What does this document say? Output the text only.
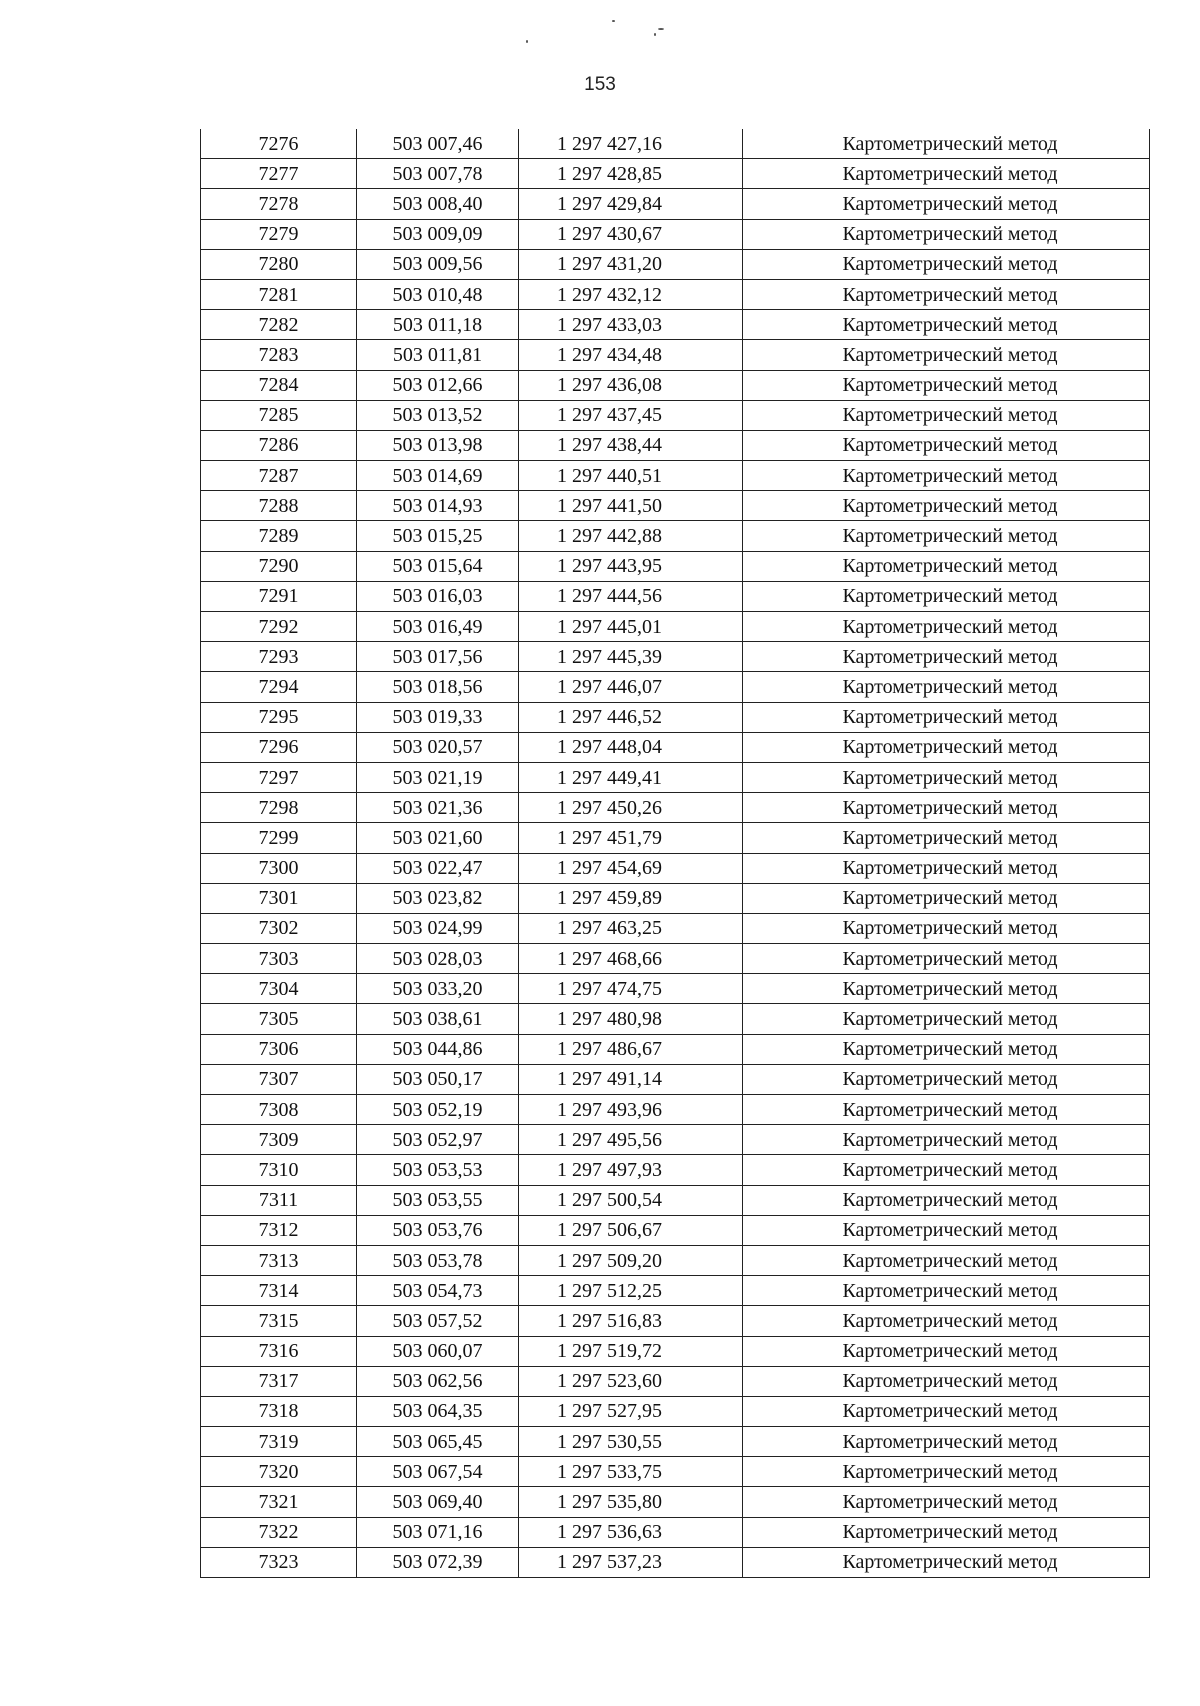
153
7276	503 007,46	1 297 427,16	Картометрический метод
7277	503 007,78	1 297 428,85	Картометрический метод
7278	503 008,40	1 297 429,84	Картометрический метод
7279	503 009,09	1 297 430,67	Картометрический метод
7280	503 009,56	1 297 431,20	Картометрический метод
7281	503 010,48	1 297 432,12	Картометрический метод
7282	503 011,18	1 297 433,03	Картометрический метод
7283	503 011,81	1 297 434,48	Картометрический метод
7284	503 012,66	1 297 436,08	Картометрический метод
7285	503 013,52	1 297 437,45	Картометрический метод
7286	503 013,98	1 297 438,44	Картометрический метод
7287	503 014,69	1 297 440,51	Картометрический метод
7288	503 014,93	1 297 441,50	Картометрический метод
7289	503 015,25	1 297 442,88	Картометрический метод
7290	503 015,64	1 297 443,95	Картометрический метод
7291	503 016,03	1 297 444,56	Картометрический метод
7292	503 016,49	1 297 445,01	Картометрический метод
7293	503 017,56	1 297 445,39	Картометрический метод
7294	503 018,56	1 297 446,07	Картометрический метод
7295	503 019,33	1 297 446,52	Картометрический метод
7296	503 020,57	1 297 448,04	Картометрический метод
7297	503 021,19	1 297 449,41	Картометрический метод
7298	503 021,36	1 297 450,26	Картометрический метод
7299	503 021,60	1 297 451,79	Картометрический метод
7300	503 022,47	1 297 454,69	Картометрический метод
7301	503 023,82	1 297 459,89	Картометрический метод
7302	503 024,99	1 297 463,25	Картометрический метод
7303	503 028,03	1 297 468,66	Картометрический метод
7304	503 033,20	1 297 474,75	Картометрический метод
7305	503 038,61	1 297 480,98	Картометрический метод
7306	503 044,86	1 297 486,67	Картометрический метод
7307	503 050,17	1 297 491,14	Картометрический метод
7308	503 052,19	1 297 493,96	Картометрический метод
7309	503 052,97	1 297 495,56	Картометрический метод
7310	503 053,53	1 297 497,93	Картометрический метод
7311	503 053,55	1 297 500,54	Картометрический метод
7312	503 053,76	1 297 506,67	Картометрический метод
7313	503 053,78	1 297 509,20	Картометрический метод
7314	503 054,73	1 297 512,25	Картометрический метод
7315	503 057,52	1 297 516,83	Картометрический метод
7316	503 060,07	1 297 519,72	Картометрический метод
7317	503 062,56	1 297 523,60	Картометрический метод
7318	503 064,35	1 297 527,95	Картометрический метод
7319	503 065,45	1 297 530,55	Картометрический метод
7320	503 067,54	1 297 533,75	Картометрический метод
7321	503 069,40	1 297 535,80	Картометрический метод
7322	503 071,16	1 297 536,63	Картометрический метод
7323	503 072,39	1 297 537,23	Картометрический метод
